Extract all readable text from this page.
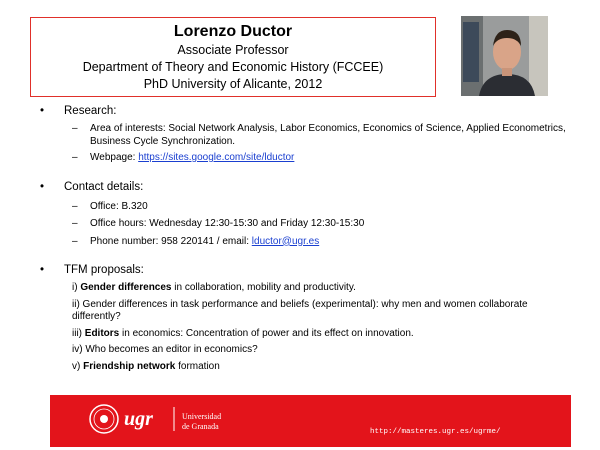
Lorenzo Ductor
Associate Professor
Department of Theory and Economic History (FCCEE)
PhD University of Alicante, 2012
• Research:
– Area of interests: Social Network Analysis, Labor Economics, Economics of Science, Applied Econometrics, Business Cycle Synchronization.
– Webpage: https://sites.google.com/site/lductor
• Contact details:
– Office: B.320
– Office hours: Wednesday 12:30-15:30 and Friday 12:30-15:30
– Phone number: 958 220141 / email: lductor@ugr.es
• TFM proposals:
i) Gender differences in collaboration, mobility and productivity.
ii) Gender differences in task performance and beliefs (experimental): why men and women collaborate differently?
iii) Editors in economics: Concentration of power and its effect on innovation.
iv) Who becomes an editor in economics?
v) Friendship network formation
ugr	Universidad
de Granada
http://masteres.ugr.es/ugrme/
